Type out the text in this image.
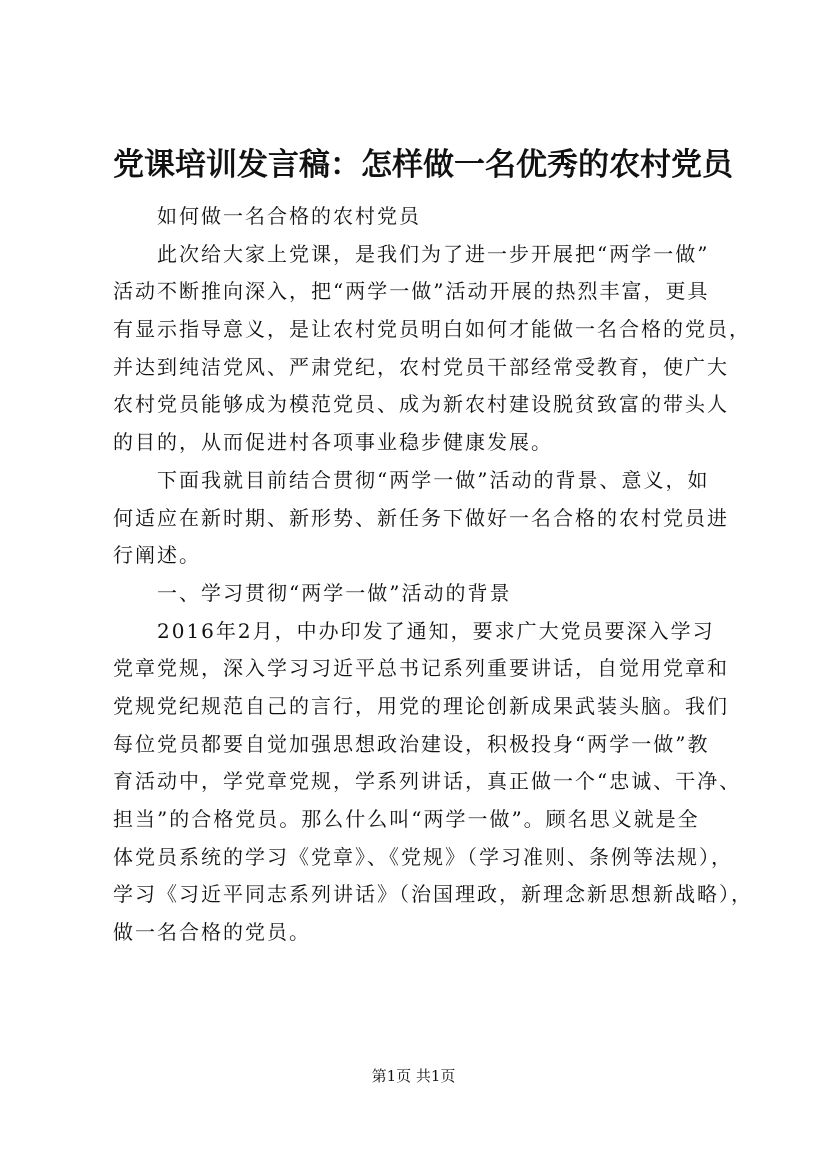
党课培训发言稿：怎样做一名优秀的农村党员
如何做一名合格的农村党员
此次给大家上党课，是我们为了进一步开展把“两学一做”
活动不断推向深入，把“两学一做”活动开展的热烈丰富，更具
有显示指导意义，是让农村党员明白如何才能做一名合格的党员，
并达到纯洁党风、严肃党纪，农村党员干部经常受教育，使广大
农村党员能够成为模范党员、成为新农村建设脱贫致富的带头人
的目的，从而促进村各项事业稳步健康发展。
下面我就目前结合贯彻“两学一做”活动的背景、意义，如
何适应在新时期、新形势、新任务下做好一名合格的农村党员进
行阐述。
一、学习贯彻“两学一做”活动的背景
2016年2月，中办印发了通知，要求广大党员要深入学习
党章党规，深入学习习近平总书记系列重要讲话，自觉用党章和
党规党纪规范自己的言行，用党的理论创新成果武装头脑。我们
每位党员都要自觉加强思想政治建设，积极投身“两学一做”教
育活动中，学党章党规，学系列讲话，真正做一个“忠诚、干净、
担当”的合格党员。那么什么叫“两学一做”。顾名思义就是全
体党员系统的学习《党章》、《党规》（学习准则、条例等法规），
学习《习近平同志系列讲话》（治国理政，新理念新思想新战略），
做一名合格的党员。
第1页 共1页
